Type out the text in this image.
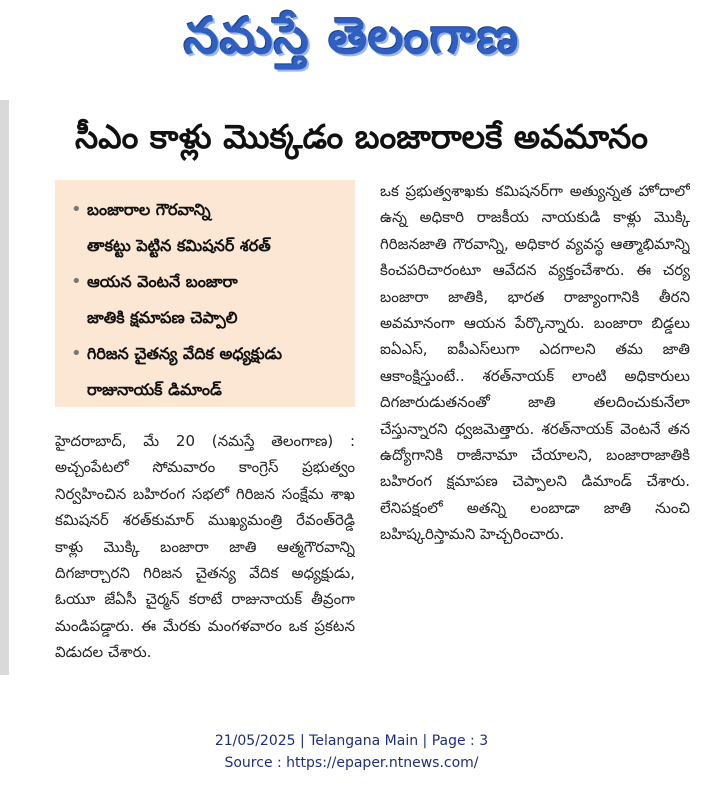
నమస్తే తెలంగాణ
సీఎం కాళ్లు మొక్కడం బంజారాలకే అవమానం
• బంజారాల గౌరవాన్ని
తాకట్టు పెట్టిన కమిషనర్ శరత్
• ఆయన వెంటనే బంజారా
జాతికి క్షమాపణ చెప్పాలి
• గిరిజన చైతన్య వేదిక అధ్యక్షుడు
రాజునాయక్ డిమాండ్
హైదరాబాద్, మే 20 (నమస్తే తెలంగాణ) : అచ్చంపేటలో సోమవారం కాంగ్రెస్ ప్రభుత్వం నిర్వహించిన బహిరంగ సభలో గిరిజన సంక్షేమ శాఖ కమిషనర్ శరత్‌కుమార్ ముఖ్యమంత్రి రేవంత్‌రెడ్డి కాళ్లు మొక్కి బంజారా జాతి ఆత్మగౌరవాన్ని దిగజార్చారని గిరిజన చైతన్య వేదిక అధ్యక్షుడు, ఓయూ జేఏసీ చైర్మన్ కరాటే రాజునాయక్ తీవ్రంగా మండిపడ్డారు. ఈ మేరకు మంగళవారం ఒక ప్రకటన విడుదల చేశారు.
ఒక ప్రభుత్వశాఖకు కమిషనర్‌గా అత్యున్నత హోదాలో ఉన్న అధికారి రాజకీయ నాయకుడి కాళ్లు మొక్కి గిరిజనజాతి గౌరవాన్ని, అధికార వ్యవస్థ ఆత్మాభిమాన్ని కించపరిచారంటూ ఆవేదన వ్యక్తంచేశారు. ఈ చర్య బంజారా జాతికి, భారత రాజ్యాంగానికి తీరని అవమానంగా ఆయన పేర్కొన్నారు. బంజారా బిడ్డలు ఐఏఎస్, ఐపీఎస్‌లుగా ఎదగాలని తమ జాతి ఆకాంక్షిస్తుంటే.. శరత్‌నాయక్ లాంటి అధికారులు దిగజారుడుతనంతో జాతి తలదించుకునేలా చేస్తున్నారని ధ్వజమెత్తారు. శరత్‌నాయక్ వెంటనే తన ఉద్యోగానికి రాజీనామా చేయాలని, బంజారాజాతికి బహిరంగ క్షమాపణ చెప్పాలని డిమాండ్ చేశారు. లేనిపక్షంలో అతన్ని లంబాడా జాతి నుంచి బహిష్కరిస్తామని హెచ్చరించారు.
21/05/2025 | Telangana Main | Page : 3
Source : https://epaper.ntnews.com/
